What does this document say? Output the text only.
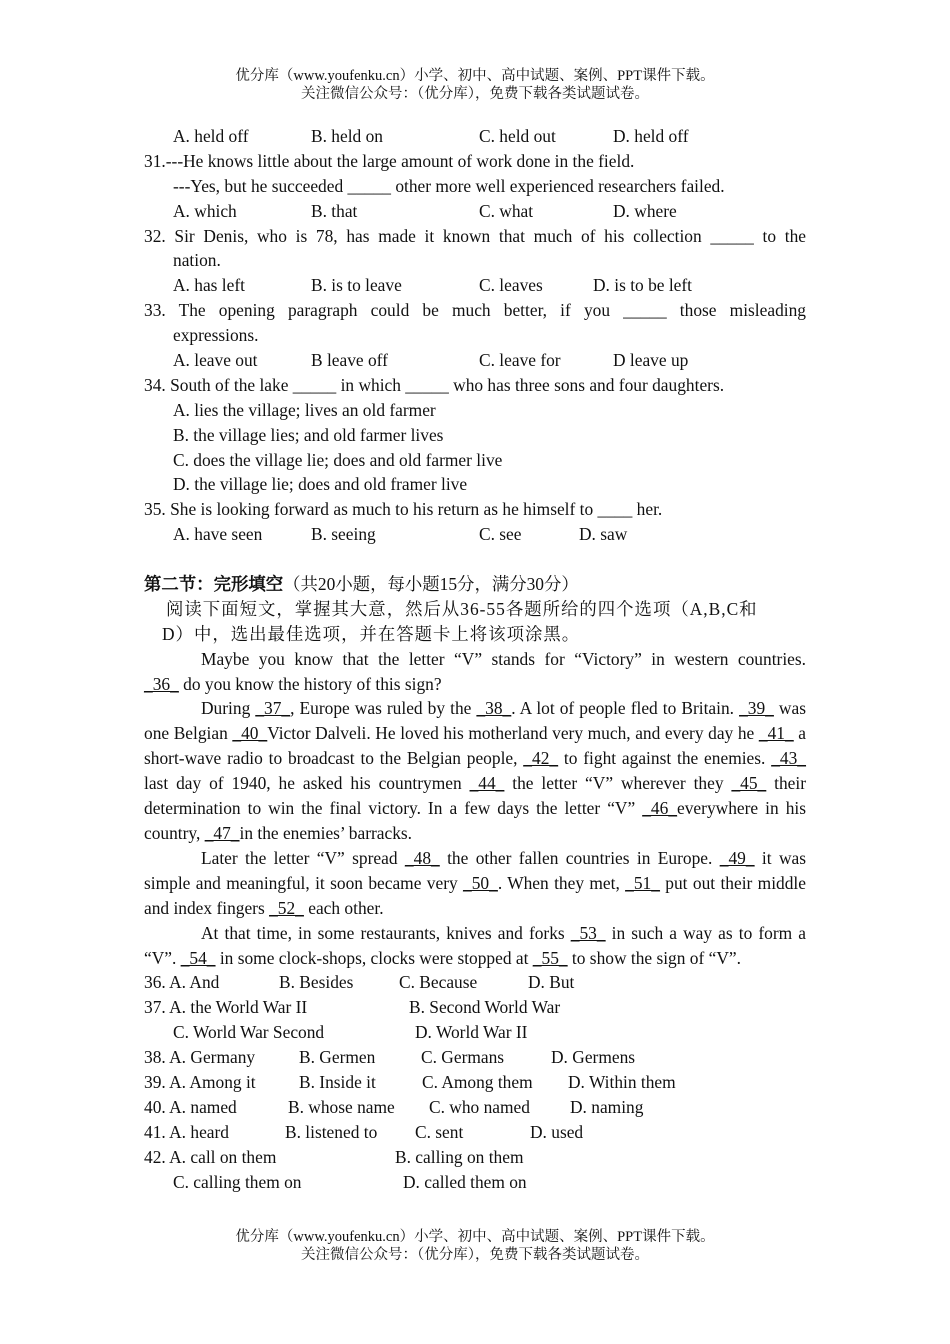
优分库（www.youfenku.cn）小学、初中、高中试题、案例、PPT课件下载。
关注微信公众号：（优分库），免费下载各类试题试卷。
A. held off	B. held on	C. held out	D. held off
31.---He knows little about the large amount of work done in the field.
---Yes, but he succeeded _____ other more well experienced researchers failed.
A. which	B. that	C. what	D. where
32. Sir Denis, who is 78, has made it known that much of his collection _____ to the
nation.
A. has left	B. is to leave	C. leaves	D. is to be left
33. The opening paragraph could be much better, if you _____ those misleading
expressions.
A. leave out	B leave off	C. leave for	D leave up
34. South of the lake _____ in which _____ who has three sons and four daughters.
A. lies the village; lives an old farmer
B. the village lies; and old farmer lives
C. does the village lie; does and old farmer live
D. the village lie; does and old framer live
35. She is looking forward as much to his return as he himself to ____ her.
A. have seen	B. seeing	C. see	D. saw
第二节：完形填空（共20小题，每小题15分，满分30分）
阅读下面短文，掌握其大意，然后从36-55各题所给的四个选项（A,B,C和
D）中，选出最佳选项，并在答题卡上将该项涂黑。
Maybe you know that the letter “V” stands for “Victory” in western countries.
_36_ do you know the history of this sign?
During _37_, Europe was ruled by the _38_. A lot of people fled to Britain. _39_ was one Belgian _40_Victor Dalveli. He loved his motherland very much, and every day he _41_ a short-wave radio to broadcast to the Belgian people, _42_ to fight against the enemies. _43_ last day of 1940, he asked his countrymen _44_ the letter “V” wherever they _45_ their determination to win the final victory. In a few days the letter “V” _46_everywhere in his country, _47_in the enemies’ barracks.
Later the letter “V” spread _48_ the other fallen countries in Europe. _49_ it was simple and meaningful, it soon became very _50_. When they met, _51_ put out their middle and index fingers _52_ each other.
At that time, in some restaurants, knives and forks _53_ in such a way as to form a “V”. _54_ in some clock-shops, clocks were stopped at _55_ to show the sign of “V”.
36. A. And	B. Besides	C. Because	D. But
37. A. the World War II	B. Second World War
C. World War Second	D. World War II
38. A. Germany	B. Germen	C. Germans	D. Germens
39. A. Among it B. Inside it	C. Among them D. Within them
40. A. named	B. whose name C. who named D. naming
41. A. heard	B. listened to C. sent	D. used
42. A. call on them	B. calling on them
C. calling them on	D. called them on
优分库（www.youfenku.cn）小学、初中、高中试题、案例、PPT课件下载。
关注微信公众号：（优分库），免费下载各类试题试卷。
